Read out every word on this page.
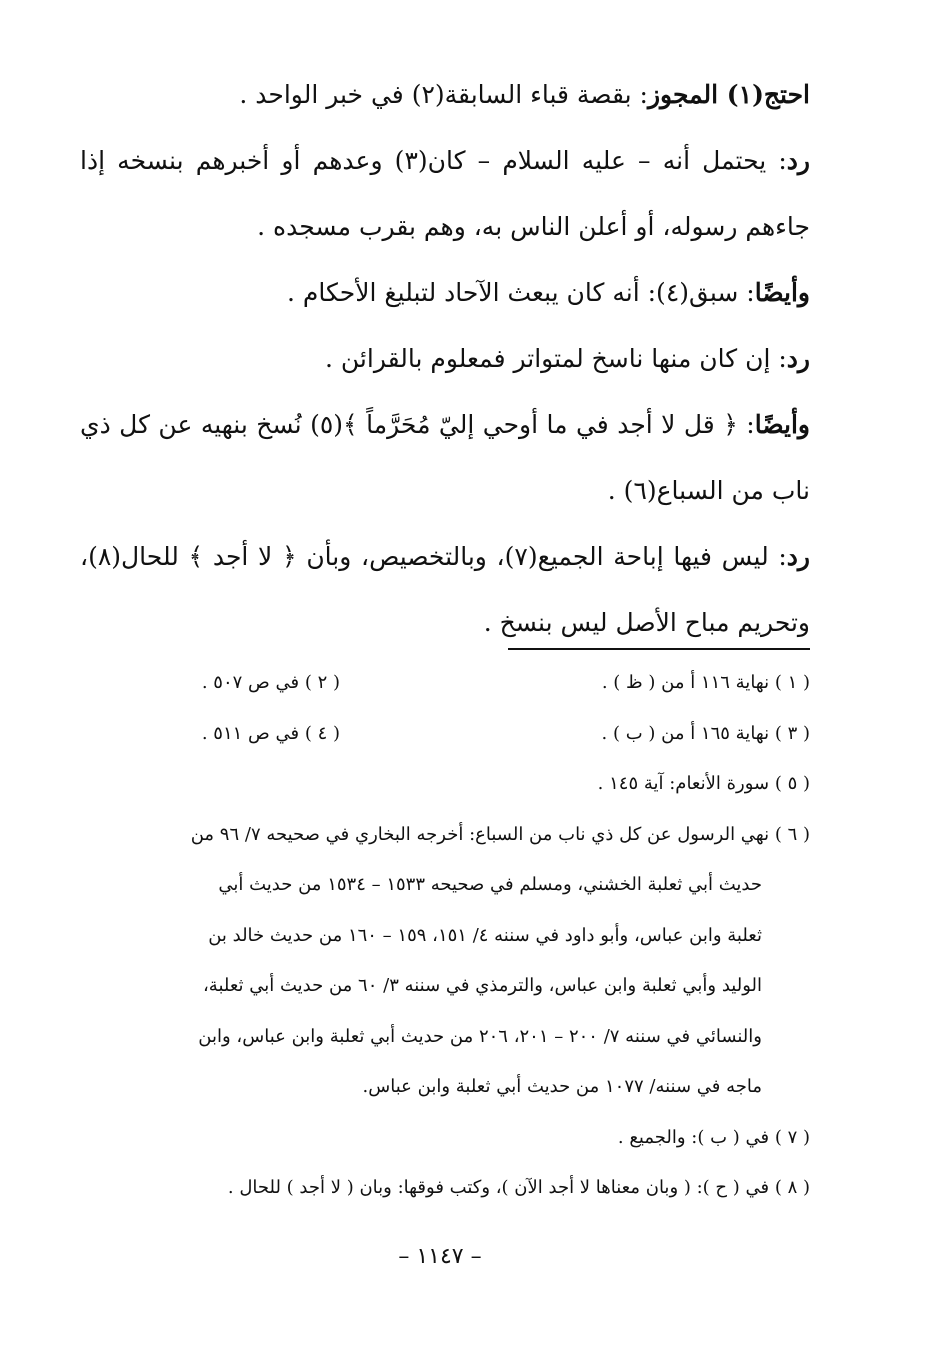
احتج(١) المجوز: بقصة قباء السابقة(٢) في خبر الواحد .

رد: يحتمل أنه – عليه السلام – كان(٣) وعدهم أو أخبرهم بنسخه إذا جاءهم رسوله، أو أعلن الناس به، وهم بقرب مسجده .

وأيضًا: سبق(٤): أنه كان يبعث الآحاد لتبليغ الأحكام .

رد: إن كان منها ناسخ لمتواتر فمعلوم بالقرائن .

وأيضًا: ﴿ قل لا أجد في ما أوحي إليّ مُحَرَّماً ﴾(٥) نُسخ بنهيه عن كل ذي ناب من السباع(٦) .

رد: ليس فيها إباحة الجميع(٧)، وبالتخصيص، وبأن ﴿ لا أجد ﴾ للحال(٨)، وتحريم مباح الأصل ليس بنسخ .

( ١ ) نهاية ١١٦ أ من ( ظ ) .
( ٢ ) في ص ٥٠٧ .
( ٣ ) نهاية ١٦٥ أ من ( ب ) .
( ٤ ) في ص ٥١١ .

( ٥ ) سورة الأنعام: آية ١٤٥ .

( ٦ ) نهي الرسول عن كل ذي ناب من السباع: أخرجه البخاري في صحيحه ٧/ ٩٦ من

حديث أبي ثعلبة الخشني، ومسلم في صحيحه ١٥٣٣ – ١٥٣٤ من حديث أبي

ثعلبة وابن عباس، وأبو داود في سننه ٤/ ١٥١، ١٥٩ – ١٦٠ من حديث خالد بن

الوليد وأبي ثعلبة وابن عباس، والترمذي في سننه ٣/ ٦٠ من حديث أبي ثعلبة،

والنسائي في سننه ٧/ ٢٠٠ – ٢٠١، ٢٠٦ من حديث أبي ثعلبة وابن عباس، وابن

ماجه في سننه/ ١٠٧٧ من حديث أبي ثعلبة وابن عباس.

( ٧ ) في ( ب ): والجميع .

( ٨ ) في ( ح ): ( وبان معناها لا أجد الآن )، وكتب فوقها: وبان ( لا أجد ) للحال .

– ١١٤٧ –
